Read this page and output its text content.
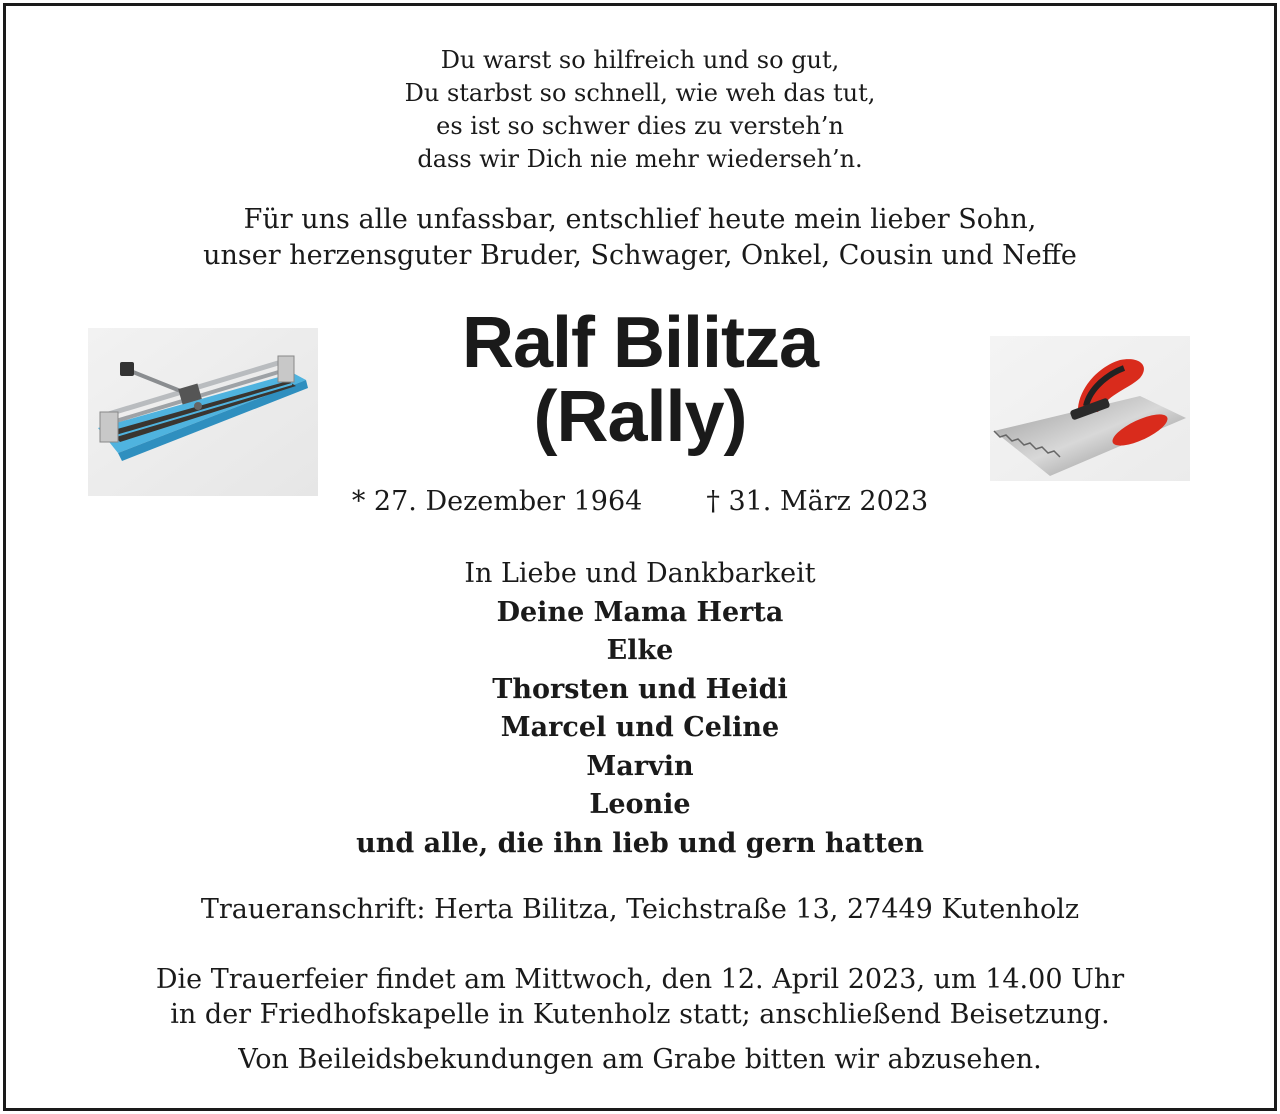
Du warst so hilfreich und so gut,
Du starbst so schnell, wie weh das tut,
es ist so schwer dies zu versteh’n
dass wir Dich nie mehr wiederseh’n.
Für uns alle unfassbar, entschlief heute mein lieber Sohn,
unser herzensguter Bruder, Schwager, Onkel, Cousin und Neffe
Ralf Bilitza
(Rally)
* 27. Dezember 1964 † 31. März 2023
In Liebe und Dankbarkeit
Deine Mama Herta
Elke
Thorsten und Heidi
Marcel und Celine
Marvin
Leonie
und alle, die ihn lieb und gern hatten
Traueranschrift: Herta Bilitza, Teichstraße 13, 27449 Kutenholz
Die Trauerfeier findet am Mittwoch, den 12. April 2023, um 14.00 Uhr
in der Friedhofskapelle in Kutenholz statt; anschließend Beisetzung.
Von Beileidsbekundungen am Grabe bitten wir abzusehen.
